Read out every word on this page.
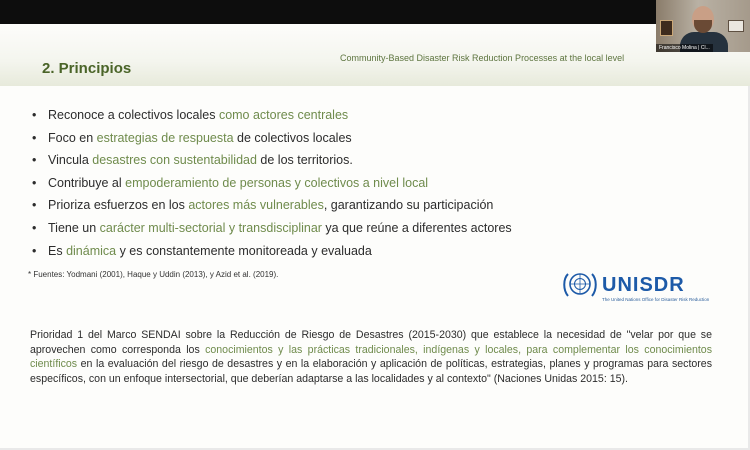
2. Principios
Community-Based Disaster Risk Reduction Processes at the local level
• Reconoce a colectivos locales como actores centrales
• Foco en estrategias de respuesta de colectivos locales
• Vincula desastres con sustentabilidad de los territorios.
• Contribuye al empoderamiento de personas y colectivos a nivel local
• Prioriza esfuerzos en los actores más vulnerables, garantizando su participación
• Tiene un carácter multi-sectorial y transdisciplinar ya que reúne a diferentes actores
• Es dinámica y es constantemente monitoreada y evaluada
* Fuentes: Yodmani (2001), Haque y Uddin (2013), y Azid et al. (2019).	UNISDR
The United Nations Office for Disaster Risk Reduction
Prioridad 1 del Marco SENDAI sobre la Reducción de Riesgo de Desastres (2015-2030) que establece la necesidad de "velar por que se aprovechen como corresponda los conocimientos y las prácticas tradicionales, indígenas y locales, para complementar los conocimientos científicos en la evaluación del riesgo de desastres y en la elaboración y aplicación de políticas, estrategias, planes y programas para sectores específicos, con un enfoque intersectorial, que deberían adaptarse a las localidades y al contexto" (Naciones Unidas 2015: 15).
Francisco Molina | Cl...
